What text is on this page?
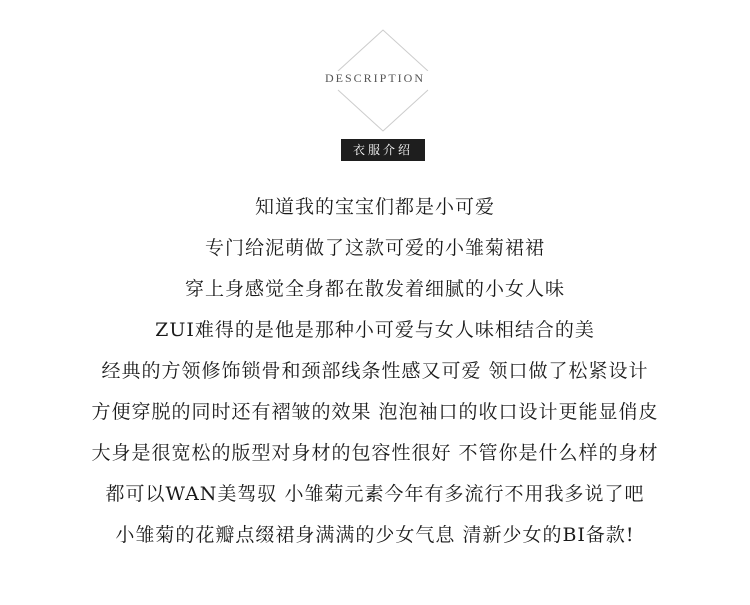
DESCRIPTION
衣服介绍
知道我的宝宝们都是小可爱
专门给泥萌做了这款可爱的小雏菊裙裙
穿上身感觉全身都在散发着细腻的小女人味
ZUI难得的是他是那种小可爱与女人味相结合的美
经典的方领修饰锁骨和颈部线条性感又可爱 领口做了松紧设计
方便穿脱的同时还有褶皱的效果 泡泡袖口的收口设计更能显俏皮
大身是很宽松的版型对身材的包容性很好 不管你是什么样的身材
都可以WAN美驾驭 小雏菊元素今年有多流行不用我多说了吧
小雏菊的花瓣点缀裙身满满的少女气息 清新少女的BI备款!
